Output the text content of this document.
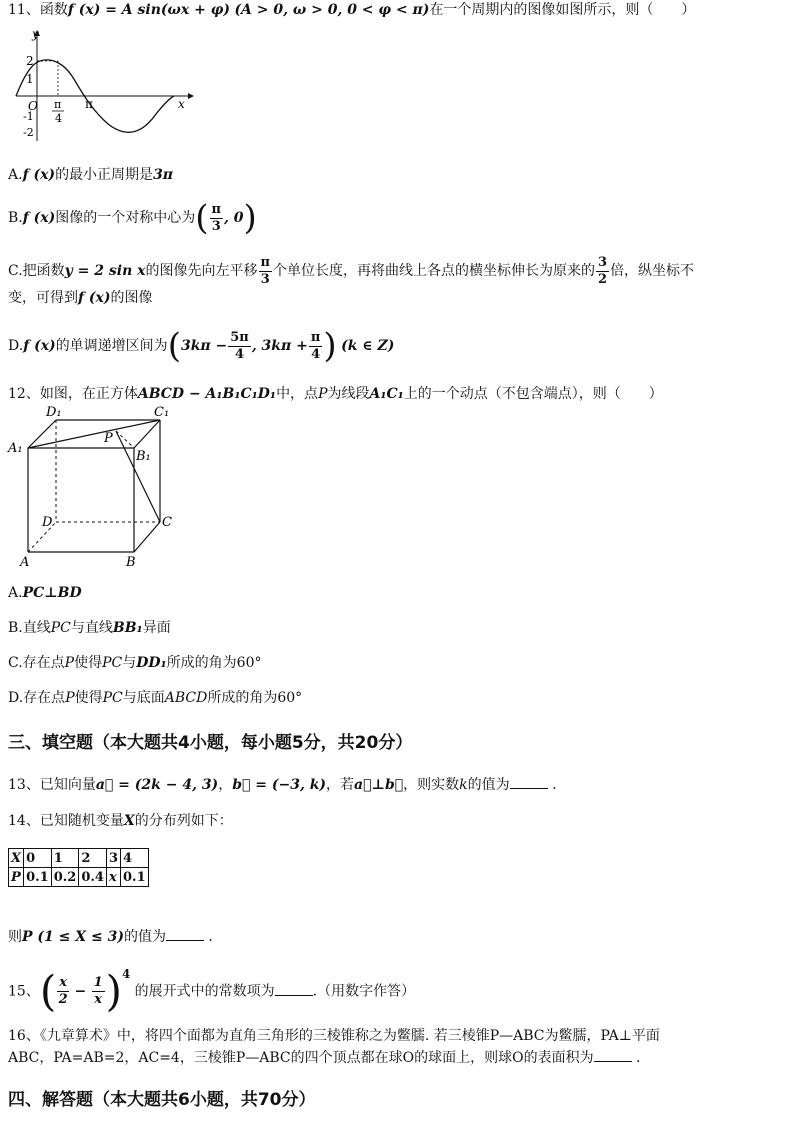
11、函数f (x) = A sin(ωx + φ) (A > 0, ω > 0, 0 < φ < π)在一个周期内的图像如图所示，则（　　）
y
x
O
2
1
-1
-2
π
4
π
A.f (x)的最小正周期是3π
B.f (x)图像的一个对称中心为( $\frac{\pi}{3}$ , 0)
C.把函数y = 2 sin x的图像先向左平移 $\frac{\pi}{3}$ 个单位长度，再将曲线上各点的横坐标伸长为原来的 $\frac{3}{2}$ 倍，纵坐标不
变，可得到f (x)的图像
D.f (x)的单调递增区间为($3k\pi - \frac{5\pi}{4}$ , $3k\pi + \frac{\pi}{4}$ ) (k ∈ Z)
12、如图，在正方体ABCD − A₁B₁C₁D₁中，点P为线段A₁C₁上的一个动点（不包含端点），则（　　）
D₁	C₁
A₁
B₁
P
D	C
A	B
A.PC⊥BD
B.直线PC与直线BB₁异面
C.存在点P使得PC与DD₁所成的角为60°
D.存在点P使得PC与底面ABCD所成的角为60°
三、填空题（本大题共4小题，每小题5分，共20分）
13、已知向量a⃗ = (2k − 4, 3)，b⃗ = (−3, k)，若a⃗⊥b⃗，则实数k的值为	.
14、已知随机变量X的分布列如下：
X	0	1	2	3	4
P	0.1	0.2	0.4	x	0.1
则P (1 ≤ X ≤ 3)的值为	.
15、( $\frac{x}{2} - \frac{1}{x} )^4$ 的展开式中的常数项为	.（用数字作答）
16、《九章算术》中，将四个面都为直角三角形的三棱锥称之为鳖臑. 若三棱锥P—ABC为鳖臑，PA⊥平面
ABC，PA=AB=2，AC=4，三棱锥P—ABC的四个顶点都在球O的球面上，则球O的表面积为	.
四、解答题（本大题共6小题，共70分）
